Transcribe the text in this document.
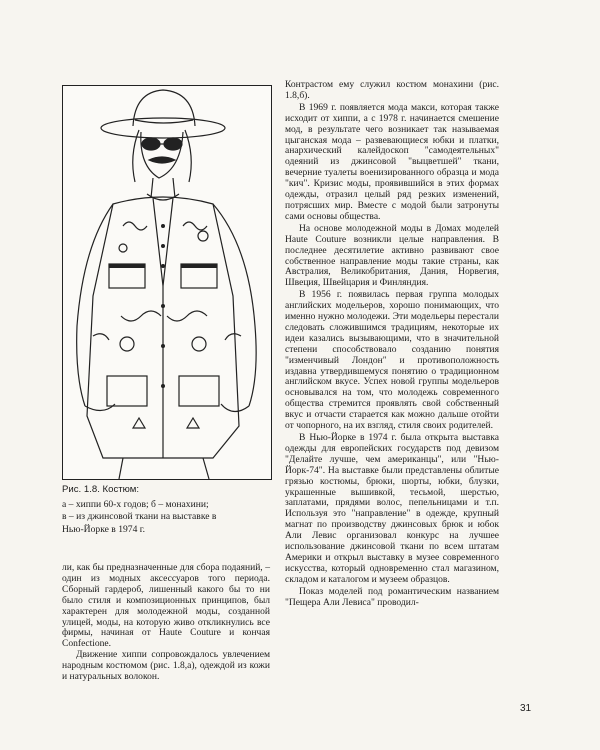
Рис. 1.8. Костюм:
а – хиппи 60-х годов; б – монахини;
в – из джинсовой ткани на выставке в
Нью-Йорке в 1974 г.

ли, как бы предназначенные для сбора подаяний, – один из модных аксессуаров того периода. Сборный гардероб, лишенный какого бы то ни было стиля и композиционных принципов, был характерен для молодежной моды, созданной улицей, моды, на которую живо откликнулись все фирмы, начиная от Haute Couture и кончая Confectione.

Движение хиппи сопровождалось увлечением народным костюмом (рис. 1.8,а), одеждой из кожи и натуральных волокон.

Контрастом ему служил костюм монахини (рис. 1.8,б).

В 1969 г. появляется мода макси, которая также исходит от хиппи, а с 1978 г. начинается смешение мод, в результате чего возникает так называемая цыганская мода – развевающиеся юбки и платки, анархический калейдоскоп "самодеятельных" одеяний из джинсовой "выцветшей" ткани, вечерние туалеты военизированного образца и мода "кич". Кризис моды, проявившийся в этих формах одежды, отразил целый ряд резких изменений, потрясших мир. Вместе с модой были затронуты сами основы общества.

На основе молодежной моды в Домах моделей Haute Couture возникли целые направления. В последнее десятилетие активно развивают свое собственное направление моды такие страны, как Австралия, Великобритания, Дания, Норвегия, Швеция, Швейцария и Финляндия.

В 1956 г. появилась первая группа молодых английских модельеров, хорошо понимающих, что именно нужно молодежи. Эти модельеры перестали следовать сложившимся традициям, некоторые их идеи казались вызывающими, что в значительной степени способствовало созданию понятия "изменчивый Лондон" и противоположность издавна утвердившемуся понятию о традиционном английском вкусе. Успех новой группы модельеров основывался на том, что молодежь современного общества стремится проявлять свой собственный вкус и отчасти старается как можно дальше отойти от чопорного, на их взгляд, стиля своих родителей.

В Нью-Йорке в 1974 г. была открыта выставка одежды для европейских государств под девизом "Делайте лучше, чем американцы", или "Нью-Йорк-74". На выставке были представлены облитые грязью костюмы, брюки, шорты, юбки, блузки, украшенные вышивкой, тесьмой, шерстью, заплатами, прядями волос, пепельницами и т.п. Используя это "направление" в одежде, крупный магнат по производству джинсовых брюк и юбок Али Левис организовал конкурс на лучшее использование джинсовой ткани по всем штатам Америки и открыл выставку в музее современного искусства, который одновременно стал магазином, складом и каталогом и музеем образцов.

Показ моделей под романтическим названием "Пещера Али Левиса" проводил-

31
